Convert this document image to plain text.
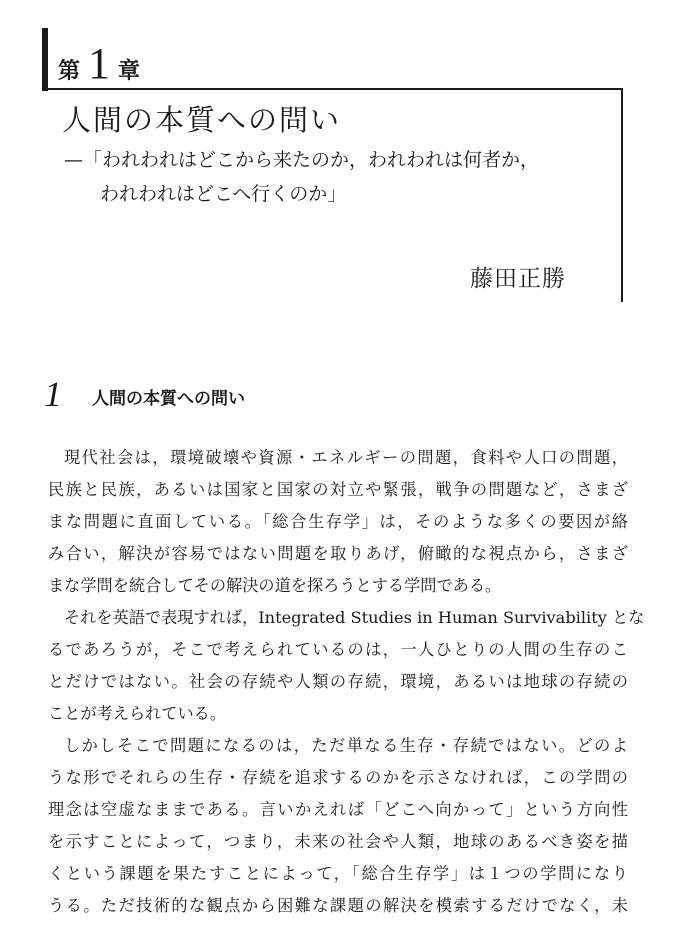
第 1 章
人間の本質への問い
—「われわれはどこから来たのか，われわれは何者か，
われわれはどこへ行くのか」
藤田正勝
1 人間の本質への問い
現代社会は，環境破壊や資源・エネルギーの問題，食料や人口の問題，
民族と民族，あるいは国家と国家の対立や緊張，戦争の問題など，さまざ
まな問題に直面している。「総合生存学」は，そのような多くの要因が絡
み合い，解決が容易ではない問題を取りあげ，俯瞰的な視点から，さまざ
まな学問を統合してその解決の道を探ろうとする学問である。
それを英語で表現すれば，Integrated Studies in Human Survivability とな
るであろうが，そこで考えられているのは，一人ひとりの人間の生存のこ
とだけではない。社会の存続や人類の存続，環境，あるいは地球の存続の
ことが考えられている。
しかしそこで問題になるのは，ただ単なる生存・存続ではない。どのよ
うな形でそれらの生存・存続を追求するのかを示さなければ，この学問の
理念は空虚なままである。言いかえれば「どこへ向かって」という方向性
を示すことによって，つまり，未来の社会や人類，地球のあるべき姿を描
くという課題を果たすことによって，「総合生存学」は１つの学問になり
うる。ただ技術的な観点から困難な課題の解決を模索するだけでなく，未
